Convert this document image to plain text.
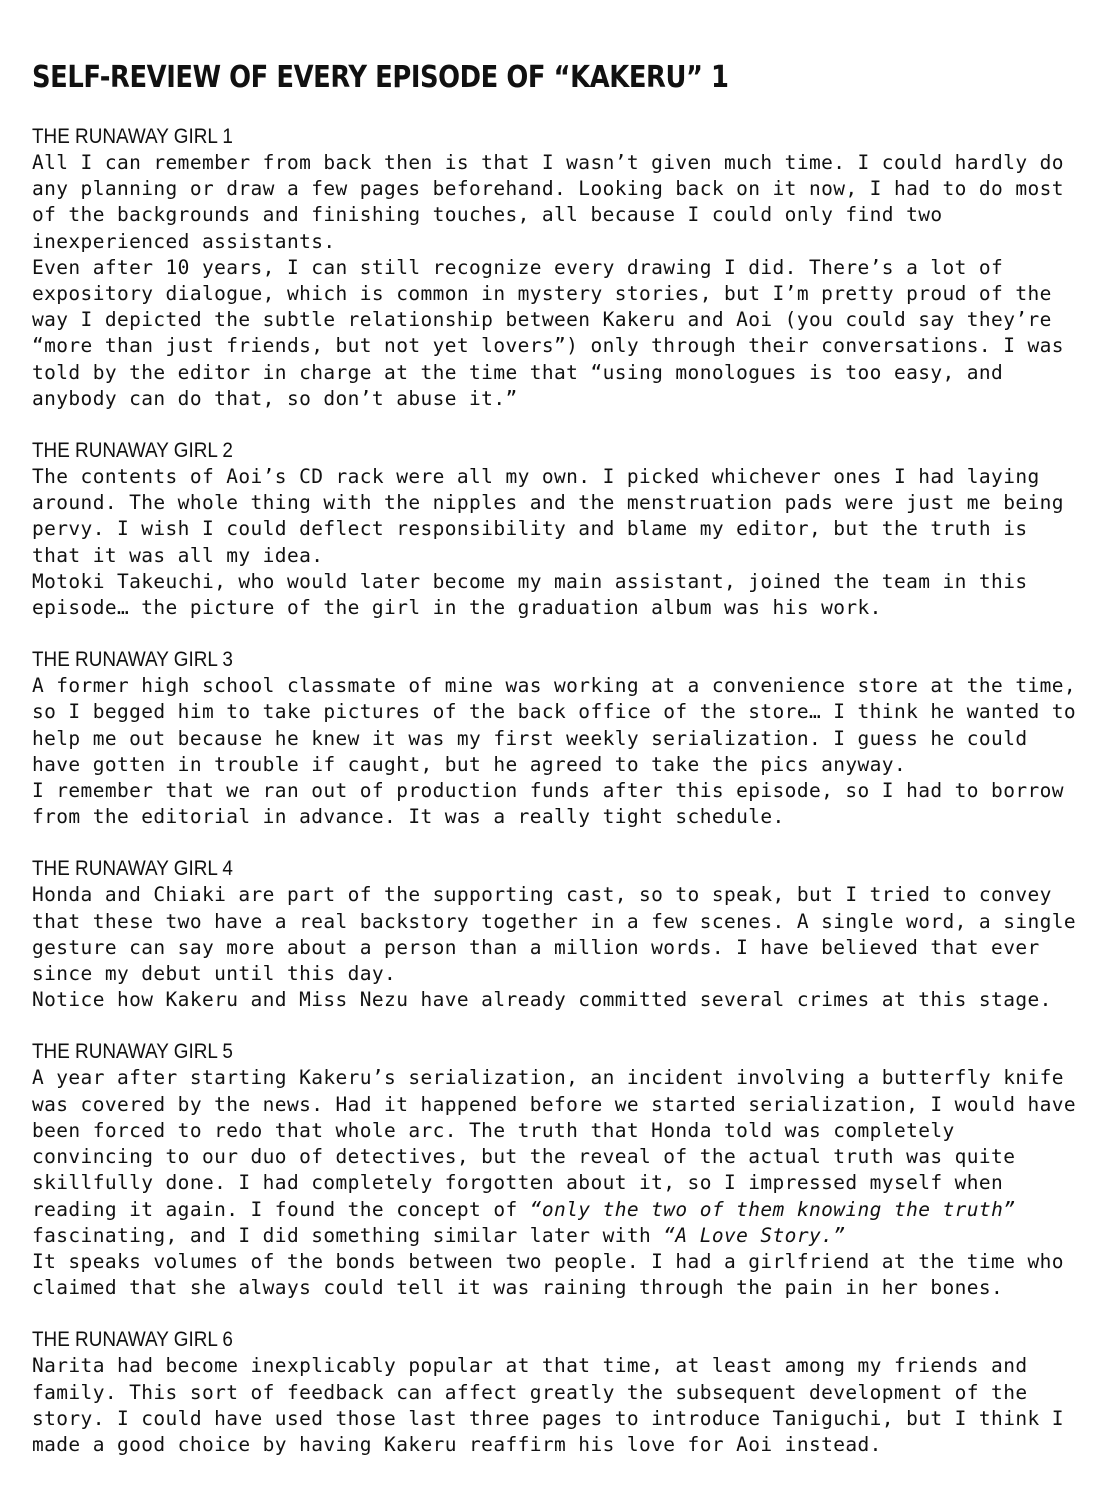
SELF-REVIEW OF EVERY EPISODE OF “KAKERU” 1
THE RUNAWAY GIRL 1
All I can remember from back then is that I wasn’t given much time. I could hardly do any planning or draw a few pages beforehand. Looking back on it now, I had to do most of the backgrounds and finishing touches, all because I could only find two inexperienced assistants.
Even after 10 years, I can still recognize every drawing I did. There’s a lot of expository dialogue, which is common in mystery stories, but I’m pretty proud of the way I depicted the subtle relationship between Kakeru and Aoi (you could say they’re “more than just friends, but not yet lovers”) only through their conversations. I was told by the editor in charge at the time that “using monologues is too easy, and anybody can do that, so don’t abuse it.”
THE RUNAWAY GIRL 2
The contents of Aoi’s CD rack were all my own. I picked whichever ones I had laying around. The whole thing with the nipples and the menstruation pads were just me being pervy. I wish I could deflect responsibility and blame my editor, but the truth is that it was all my idea.
Motoki Takeuchi, who would later become my main assistant, joined the team in this episode… the picture of the girl in the graduation album was his work.
THE RUNAWAY GIRL 3
A former high school classmate of mine was working at a convenience store at the time, so I begged him to take pictures of the back office of the store… I think he wanted to help me out because he knew it was my first weekly serialization. I guess he could have gotten in trouble if caught, but he agreed to take the pics anyway.
I remember that we ran out of production funds after this episode, so I had to borrow from the editorial in advance. It was a really tight schedule.
THE RUNAWAY GIRL 4
Honda and Chiaki are part of the supporting cast, so to speak, but I tried to convey that these two have a real backstory together in a few scenes. A single word, a single gesture can say more about a person than a million words. I have believed that ever since my debut until this day.
Notice how Kakeru and Miss Nezu have already committed several crimes at this stage.
THE RUNAWAY GIRL 5
A year after starting Kakeru’s serialization, an incident involving a butterfly knife was covered by the news. Had it happened before we started serialization, I would have been forced to redo that whole arc. The truth that Honda told was completely convincing to our duo of detectives, but the reveal of the actual truth was quite skillfully done. I had completely forgotten about it, so I impressed myself when reading it again. I found the concept of “only the two of them knowing the truth” fascinating, and I did something similar later with “A Love Story.”
It speaks volumes of the bonds between two people. I had a girlfriend at the time who claimed that she always could tell it was raining through the pain in her bones.
THE RUNAWAY GIRL 6
Narita had become inexplicably popular at that time, at least among my friends and family. This sort of feedback can affect greatly the subsequent development of the story. I could have used those last three pages to introduce Taniguchi, but I think I made a good choice by having Kakeru reaffirm his love for Aoi instead.
